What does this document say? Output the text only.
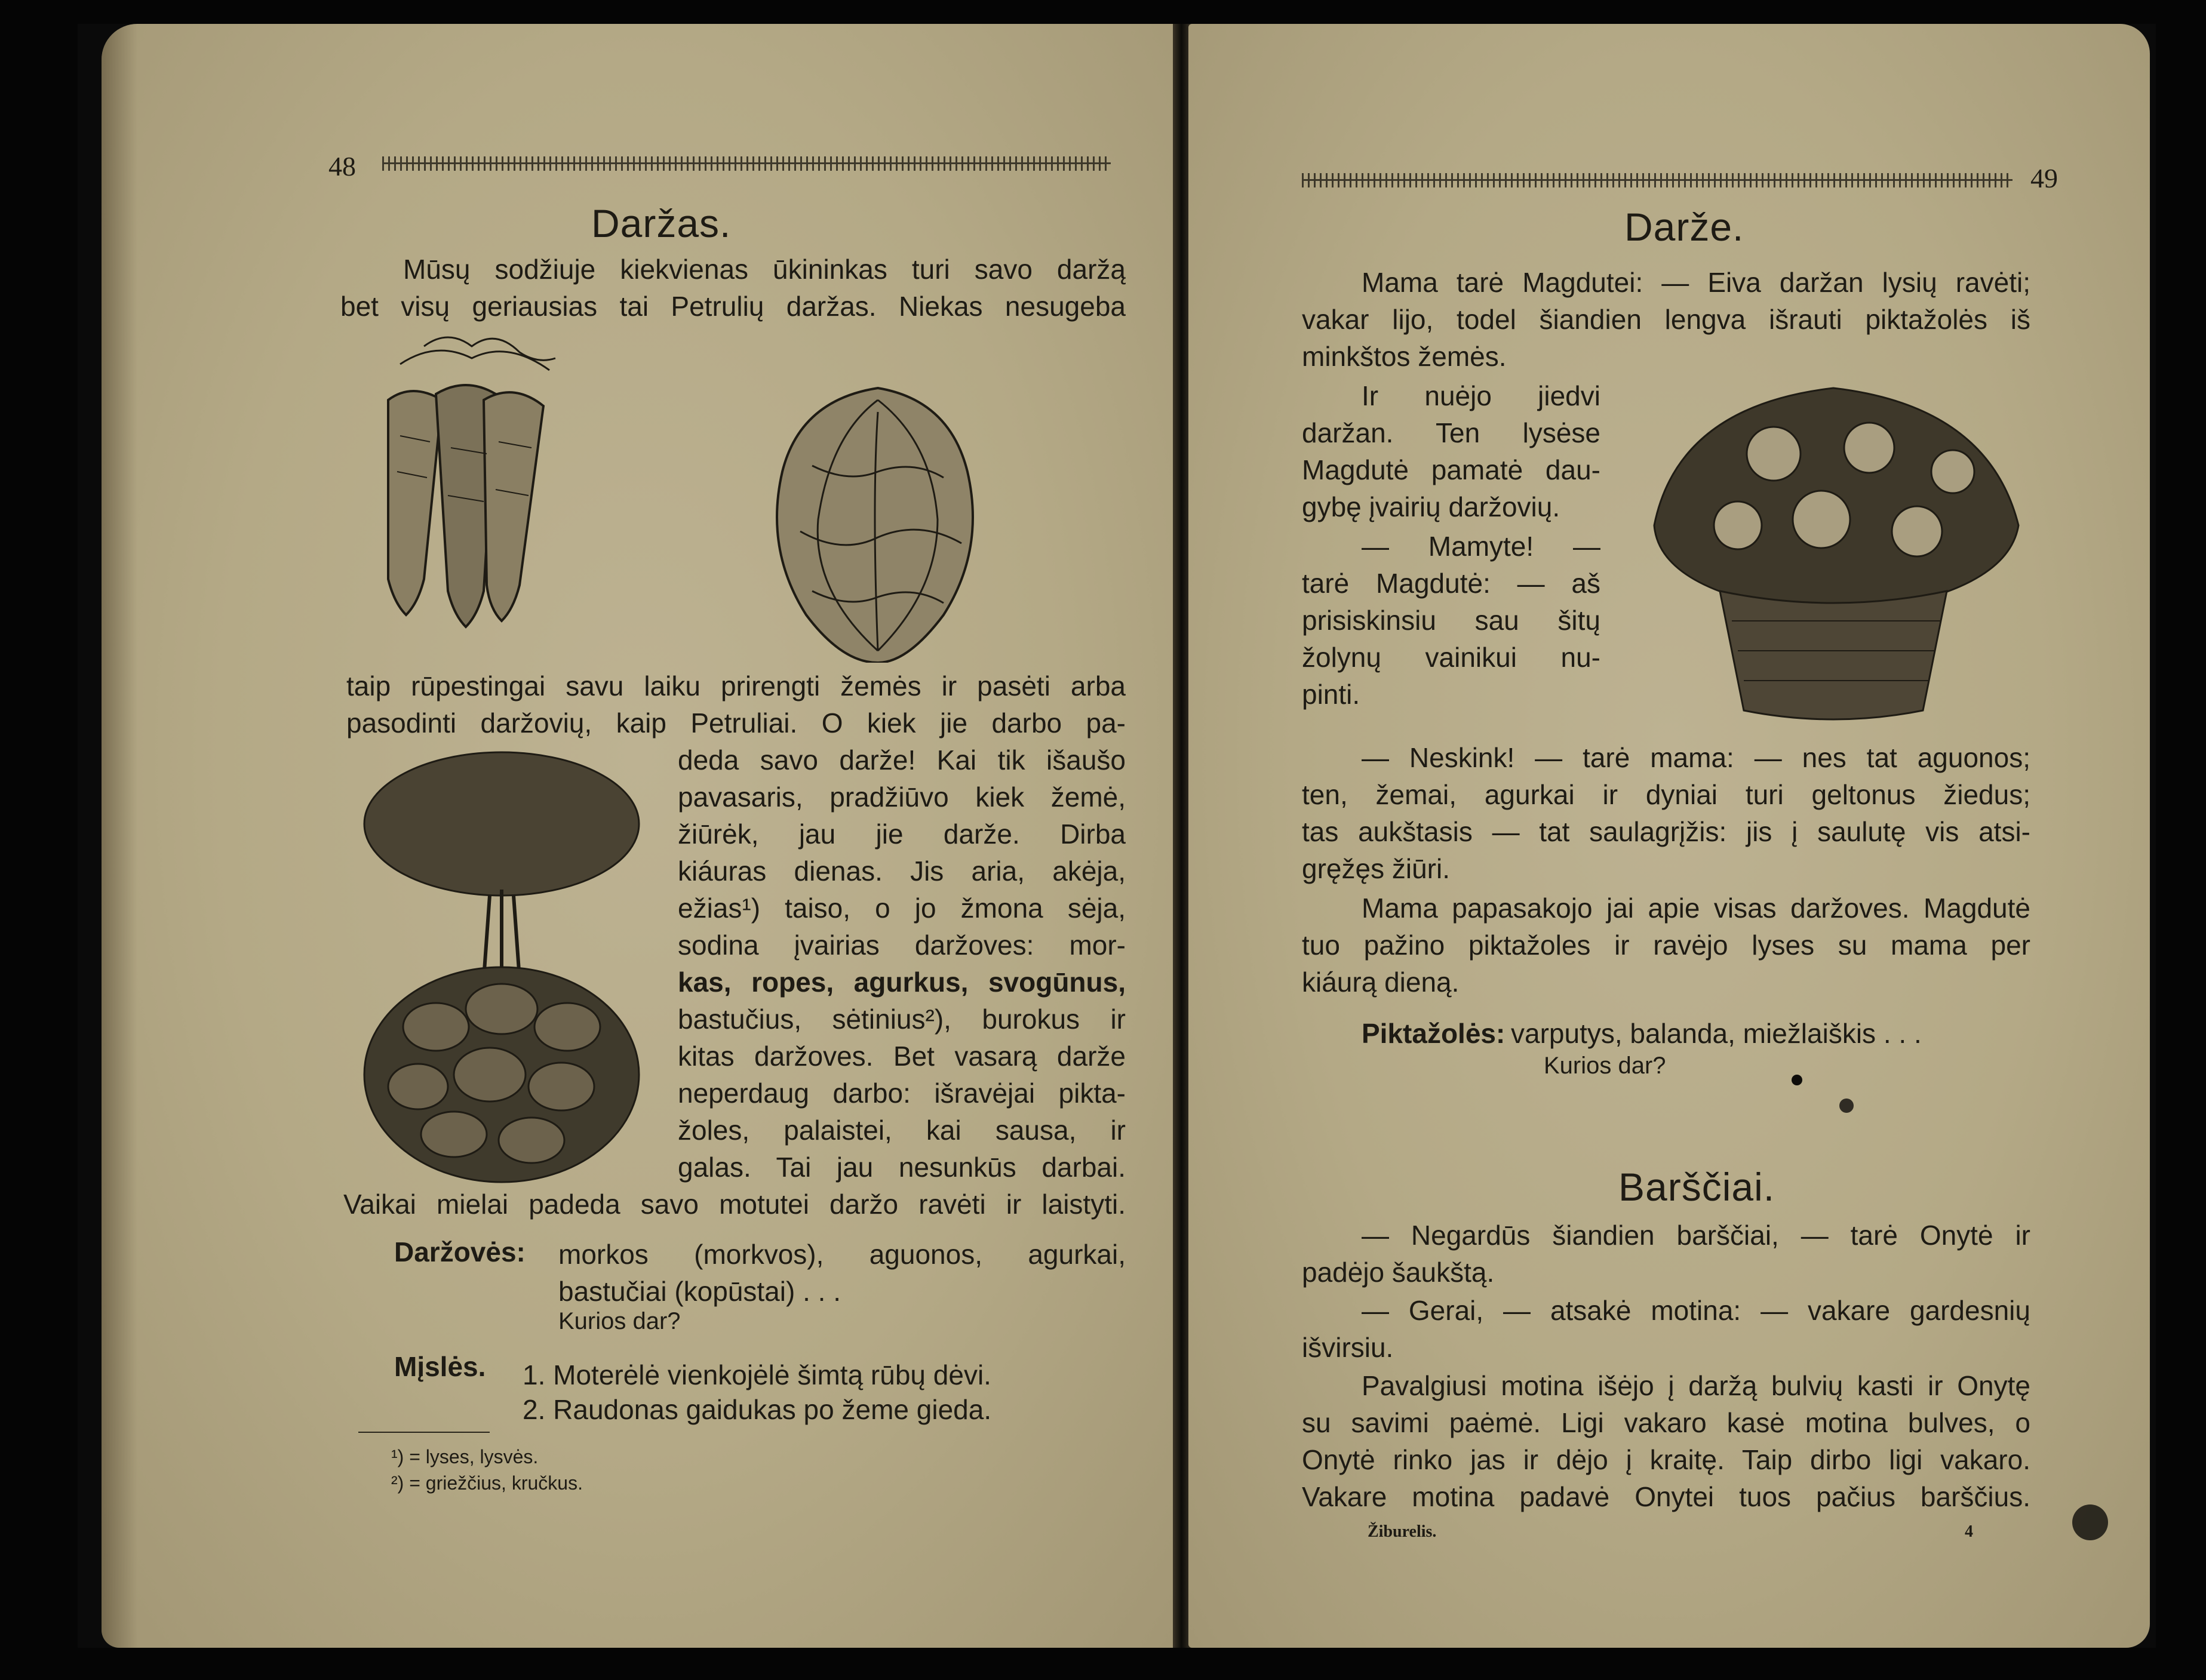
48
Daržas.
Mūsų sodžiuje kiekvienas ūkininkas turi savo daržą
bet visų geriausias tai Petrulių daržas. Niekas nesugeba
taip rūpestingai savu laiku prirengti žemės ir pasėti arba
pasodinti daržovių, kaip Petruliai. O kiek jie darbo pa-
deda savo darže! Kai tik išaušo
pavasaris, pradžiūvo kiek žemė,
žiūrėk, jau jie darže. Dirba
kiáuras dienas. Jis aria, akėja,
ežias¹) taiso, o jo žmona sėja,
sodina įvairias daržoves: mor-
kas, ropes, agurkus, svogūnus,
bastučius, sėtinius²), burokus ir
kitas daržoves. Bet vasarą darže
neperdaug darbo: išravėjai pikta-
žoles, palaistei, kai sausa, ir
galas. Tai jau nesunkūs darbai.
Vaikai mielai padeda savo motutei daržo ravėti ir laistyti.
Daržovės: morkos (morkvos), aguonos, agurkai,
bastučiai (kopūstai) . . .
Kurios dar?
Mįslės. 1. Moterėlė vienkojėlė šimtą rūbų dėvi.
2. Raudonas gaidukas po žeme gieda.
¹) = lyses, lysvės.
²) = griežčius, kručkus.
49
Darže.
Mama tarė Magdutei: — Eiva daržan lysių ravėti;
vakar lijo, todel šiandien lengva išrauti piktažolės iš
minkštos žemės.
Ir nuėjo jiedvi
daržan. Ten lysėse
Magdutė pamatė dau-
gybę įvairių daržovių.
— Mamyte! —
tarė Magdutė: — aš
prisiskinsiu sau šitų
žolynų vainikui nu-
pinti.
— Neskink! — tarė mama: — nes tat aguonos;
ten, žemai, agurkai ir dyniai turi geltonus žiedus;
tas aukštasis — tat saulagrįžis: jis į saulutę vis atsi-
gręžęs žiūri.
Mama papasakojo jai apie visas daržoves. Magdutė
tuo pažino piktažoles ir ravėjo lyses su mama per
kiáurą dieną.
Piktažolės: varputys, balanda, miežlaiškis . . .
Kurios dar?
Barščiai.
— Negardūs šiandien barščiai, — tarė Onytė ir
padėjo šaukštą.
— Gerai, — atsakė motina: — vakare gardesnių
išvirsiu.
Pavalgiusi motina išėjo į daržą bulvių kasti ir Onytę
su savimi paėmė. Ligi vakaro kasė motina bulves, o
Onytė rinko jas ir dėjo į kraitę. Taip dirbo ligi vakaro.
Vakare motina padavė Onytei tuos pačius barščius.
Žiburelis.	4
